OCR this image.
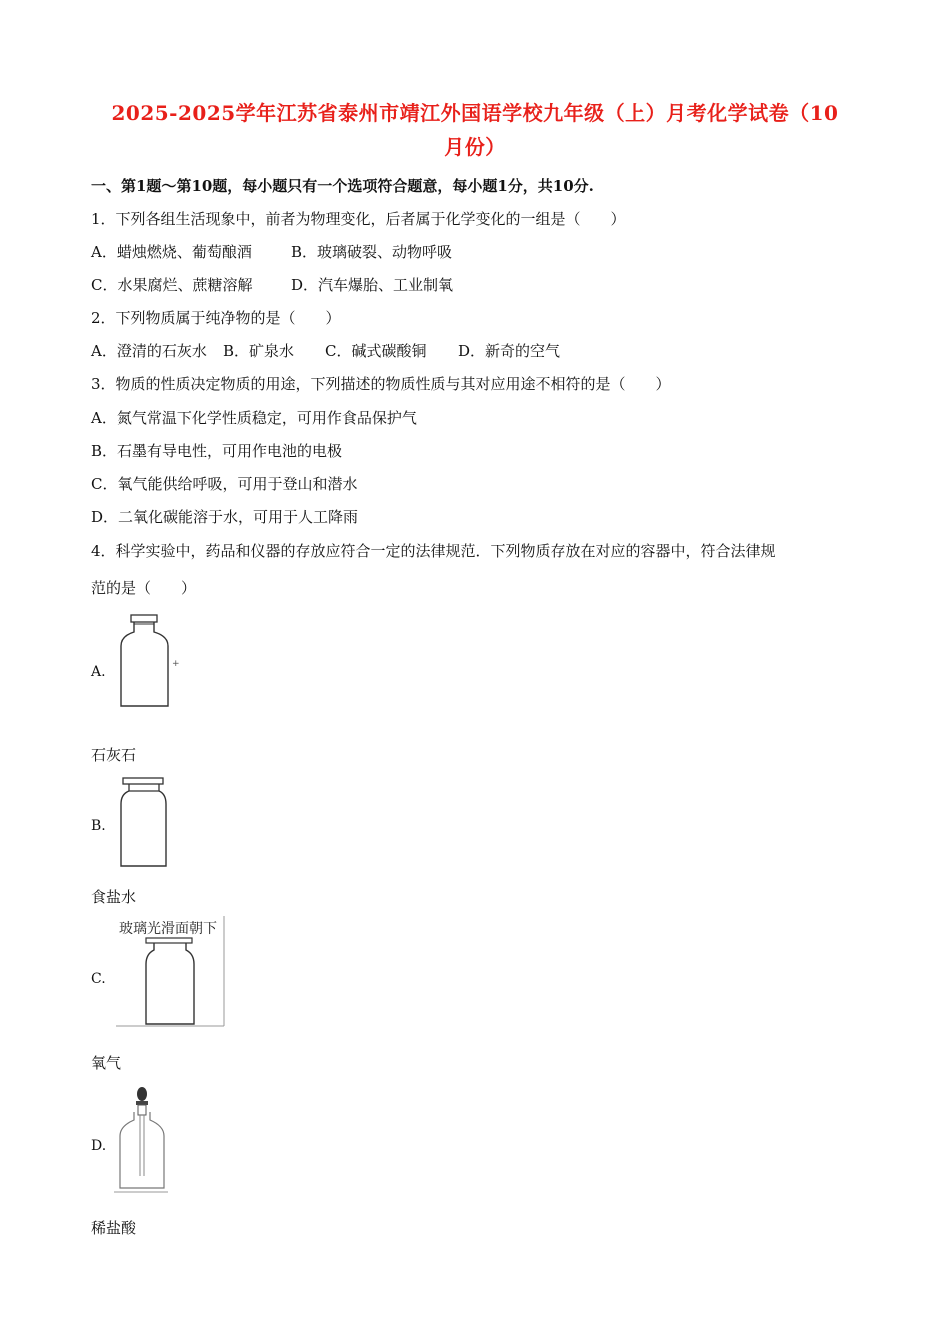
2025-2025学年江苏省泰州市靖江外国语学校九年级（上）月考化学试卷（10
月份）
一、第1题～第10题，每小题只有一个选项符合题意，每小题1分，共10分.
1．下列各组生活现象中，前者为物理变化，后者属于化学变化的一组是（　　）
A．蜡烛燃烧、葡萄酿酒	B．玻璃破裂、动物呼吸
C．水果腐烂、蔗糖溶解	D．汽车爆胎、工业制氧
2．下列物质属于纯净物的是（　　）
A．澄清的石灰水 B．矿泉水 C．碱式碳酸铜 D．新奇的空气
3．物质的性质决定物质的用途，下列描述的物质性质与其对应用途不相符的是（　　）
A．氮气常温下化学性质稳定，可用作食品保护气
B．石墨有导电性，可用作电池的电极
C．氧气能供给呼吸，可用于登山和潜水
D．二氧化碳能溶于水，可用于人工降雨
4．科学实验中，药品和仪器的存放应符合一定的法律规范．下列物质存放在对应的容器中，符合法律规
范的是（　　）
A.	+
石灰石
B.
食盐水
C.
玻璃光滑面朝下
氧气
D.
稀盐酸
